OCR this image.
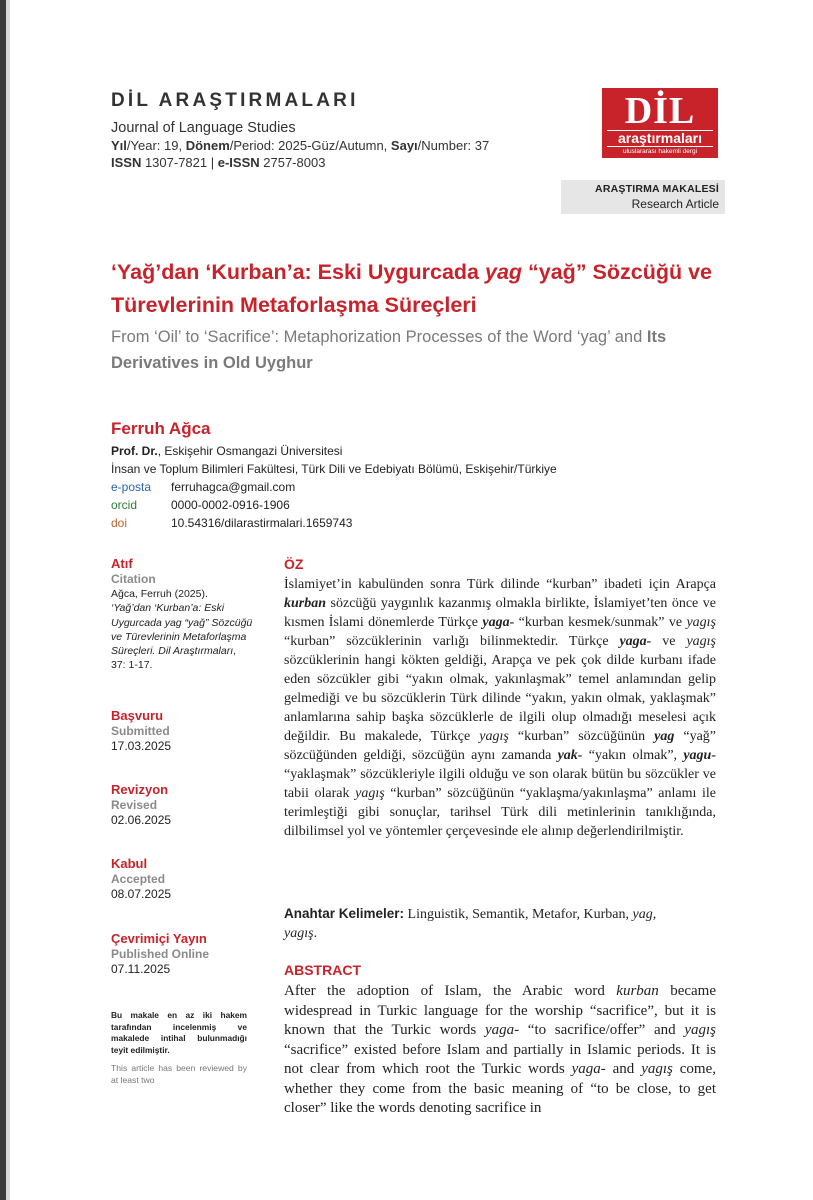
DİL ARAŞTIRMALARI
Journal of Language Studies
Yıl/Year: 19, Dönem/Period: 2025-Güz/Autumn, Sayı/Number: 37
ISSN 1307-7821 | e-ISSN 2757-8003
DİL
araştırmaları
uluslararası hakemli dergi
ARAŞTIRMA MAKALESİ
Research Article
‘Yağ’dan ‘Kurban’a: Eski Uygurcada yag “yağ” Sözcüğü ve Türevlerinin Metaforlaşma Süreçleri
From ‘Oil’ to ‘Sacrifice’: Metaphorization Processes of the Word ‘yag’ and Its Derivatives in Old Uyghur
Ferruh Ağca
Prof. Dr., Eskişehir Osmangazi Üniversitesi
İnsan ve Toplum Bilimleri Fakültesi, Türk Dili ve Edebiyatı Bölümü, Eskişehir/Türkiye
e-posta ferruhagca@gmail.com
orcid	0000-0002-0916-1906
doi	10.54316/dilarastirmalari.1659743
Atıf
Citation
Ağca, Ferruh (2025).
‘Yağ’dan ‘Kurban’a: Eski Uygurcada yag “yağ” Sözcüğü ve Türevlerinin Metaforlaşma Süreçleri. Dil Araştırmaları, 37: 1-17.
Başvuru
Submitted
17.03.2025
Revizyon
Revised
02.06.2025
Kabul
Accepted
08.07.2025
Çevrimiçi Yayın
Published Online
07.11.2025
Bu makale en az iki hakem tarafından incelenmiş ve makalede intihal bulunmadığı teyit edilmiştir.
This article has been reviewed by at least two
ÖZ
İslamiyet’in kabulünden sonra Türk dilinde “kurban” ibadeti için Arapça kurban sözcüğü yaygınlık kazanmış olmakla birlikte, İslamiyet’ten önce ve kısmen İslami dönemlerde Türkçe yaga- “kurban kesmek/sunmak” ve yagış “kurban” sözcüklerinin varlığı bilinmektedir. Türkçe yaga- ve yagış sözcüklerinin hangi kökten geldiği, Arapça ve pek çok dilde kurbanı ifade eden sözcükler gibi “yakın olmak, yakınlaşmak” temel anlamından gelip gelmediği ve bu sözcüklerin Türk dilinde “yakın, yakın olmak, yaklaşmak” anlamlarına sahip başka sözcüklerle de ilgili olup olmadığı meselesi açık değildir. Bu makalede, Türkçe yagış “kurban” sözcüğünün yag “yağ” sözcüğünden geldiği, sözcüğün aynı zamanda yak- “yakın olmak”, yagu- “yaklaşmak” sözcükleriyle ilgili olduğu ve son olarak bütün bu sözcükler ve tabii olarak yagış “kurban” sözcüğünün “yaklaşma/yakınlaşma” anlamı ile terimleştiği gibi sonuçlar, tarihsel Türk dili metinlerinin tanıklığında, dilbilimsel yol ve yöntemler çerçevesinde ele alınıp değerlendirilmiştir.
Anahtar Kelimeler: Linguistik, Semantik, Metafor, Kurban, yag,
yagış.
ABSTRACT
After the adoption of Islam, the Arabic word kurban became widespread in Turkic language for the worship “sacrifice”, but it is known that the Turkic words yaga- “to sacrifice/offer” and yagış “sacrifice” existed before Islam and partially in Islamic periods. It is not clear from which root the Turkic words yaga- and yagış come, whether they come from the basic meaning of “to be close, to get closer” like the words denoting sacrifice in
